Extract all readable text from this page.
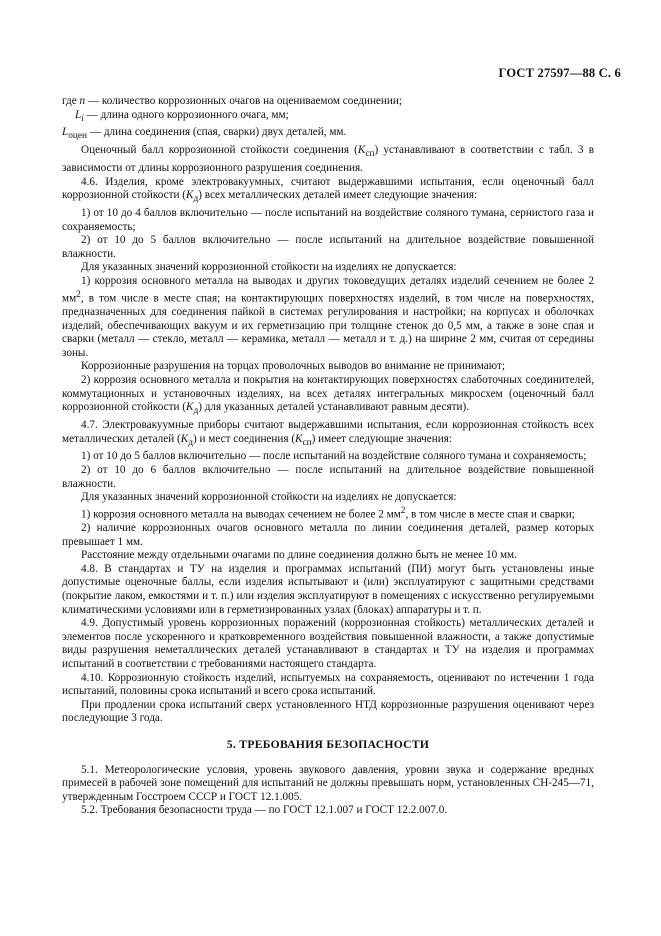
ГОСТ 27597—88 С. 6

где n — количество коррозионных очагов на оцениваемом соединении;

$L_i$ — длина одного коррозионного очага, мм;

$L_{оцен}$ — длина соединения (спая, сварки) двух деталей, мм.

Оценочный балл коррозионной стойкости соединения $(K_{сп})$ устанавливают в соответствии с табл. 3 в зависимости от длины коррозионного разрушения соединения.

4.6. Изделия, кроме электровакуумных, считают выдержавшими испытания, если оценочный балл коррозионной стойкости $(K_д)$ всех металлических деталей имеет следующие значения:

1) от 10 до 4 баллов включительно — после испытаний на воздействие соляного тумана, сернистого газа и сохраняемость;

2) от 10 до 5 баллов включительно — после испытаний на длительное воздействие повышенной влажности.

Для указанных значений коррозионной стойкости на изделиях не допускается:

1) коррозия основного металла на выводах и других токоведущих деталях изделий сечением не более 2 $мм^2$, в том числе в месте спая; на контактирующих поверхностях изделий, в том числе на поверхностях, предназначенных для соединения пайкой в системах регулирования и настройки; на корпусах и оболочках изделий, обеспечивающих вакуум и их герметизацию при толщине стенок до 0,5 мм, а также в зоне спая и сварки (металл — стекло, металл — керамика, металл — металл и т. д.) на ширине 2 мм, считая от середины зоны.

Коррозионные разрушения на торцах проволочных выводов во внимание не принимают;

2) коррозия основного металла и покрытия на контактирующих поверхностях слаботочных соединителей, коммутационных и установочных изделиях, на всех деталях интегральных микросхем (оценочный балл коррозионной стойкости $(K_д)$ для указанных деталей устанавливают равным десяти).

4.7. Электровакуумные приборы считают выдержавшими испытания, если коррозионная стойкость всех металлических деталей $(K_д)$ и мест соединения $(K_{сп})$ имеет следующие значения:

1) от 10 до 5 баллов включительно — после испытаний на воздействие соляного тумана и сохраняемость;

2) от 10 до 6 баллов включительно — после испытаний на длительное воздействие повышенной влажности.

Для указанных значений коррозионной стойкости на изделиях не допускается:

1) коррозия основного металла на выводах сечением не более 2 $мм^2$, в том числе в месте спая и сварки;

2) наличие коррозионных очагов основного металла по линии соединения деталей, размер которых превышает 1 мм.

Расстояние между отдельными очагами по длине соединения должно быть не менее 10 мм.

4.8. В стандартах и ТУ на изделия и программах испытаний (ПИ) могут быть установлены иные допустимые оценочные баллы, если изделия испытывают и (или) эксплуатируют с защитными средствами (покрытие лаком, емкостями и т. п.) или изделия эксплуатируют в помещениях с искусственно регулируемыми климатическими условиями или в герметизированных узлах (блоках) аппаратуры и т. п.

4.9. Допустимый уровень коррозионных поражений (коррозионная стойкость) металлических деталей и элементов после ускоренного и кратковременного воздействия повышенной влажности, а также допустимые виды разрушения неметаллических деталей устанавливают в стандартах и ТУ на изделия и программах испытаний в соответствии с требованиями настоящего стандарта.

4.10. Коррозионную стойкость изделий, испытуемых на сохраняемость, оценивают по истечении 1 года испытаний, половины срока испытаний и всего срока испытаний.

При продлении срока испытаний сверх установленного НТД коррозионные разрушения оценивают через последующие 3 года.

5. ТРЕБОВАНИЯ БЕЗОПАСНОСТИ

5.1. Метеорологические условия, уровень звукового давления, уровни звука и содержание вредных примесей в рабочей зоне помещений для испытаний не должны превышать норм, установленных СН-245—71, утвержденным Госстроем СССР и ГОСТ 12.1.005.

5.2. Требования безопасности труда — по ГОСТ 12.1.007 и ГОСТ 12.2.007.0.
